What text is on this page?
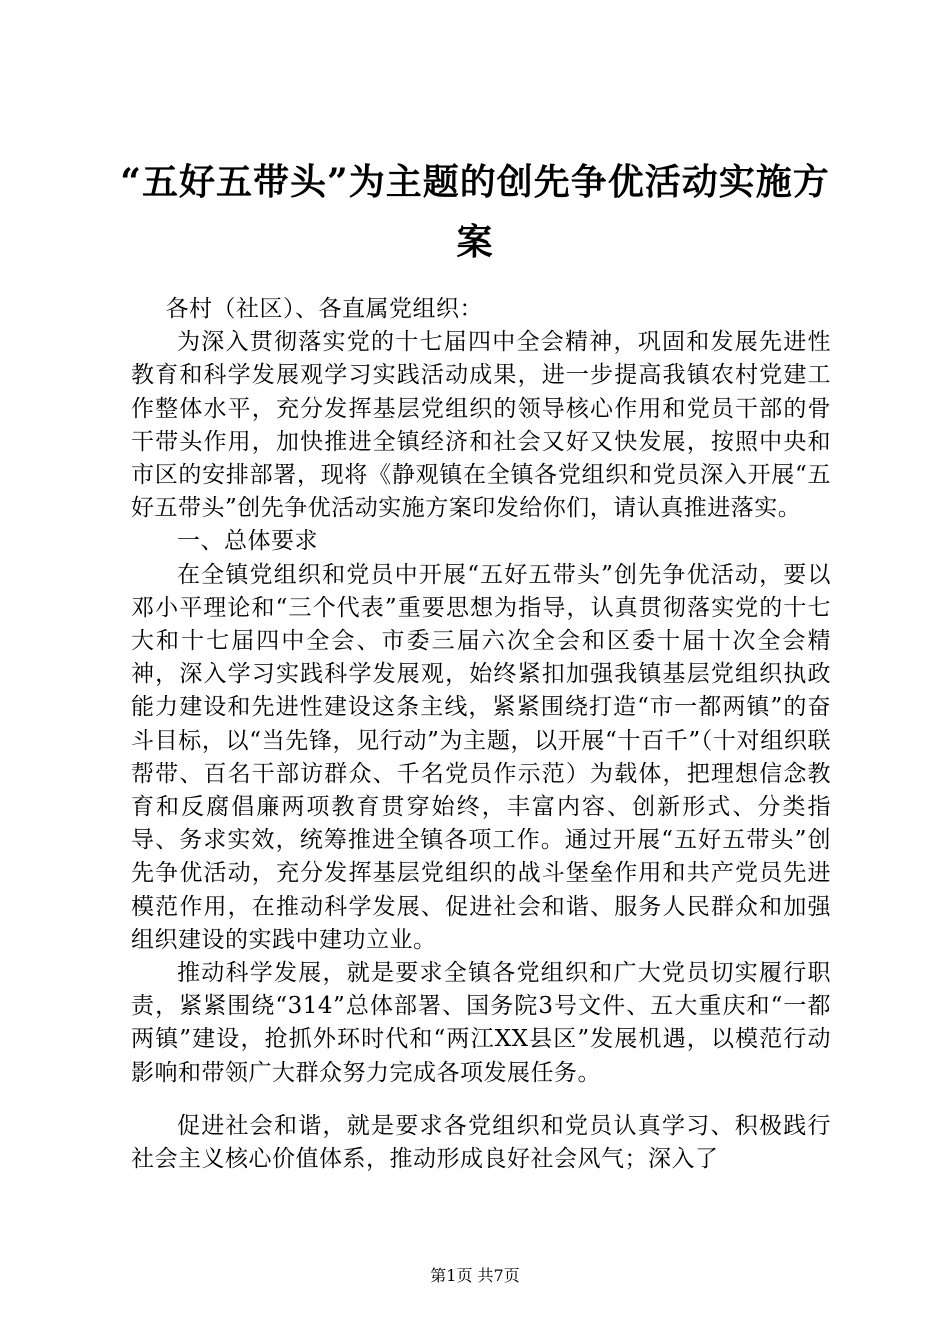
“五好五带头”为主题的创先争优活动实施方
案

各村（社区）、各直属党组织：

为深入贯彻落实党的十七届四中全会精神，巩固和发展先进性教育和科学发展观学习实践活动成果，进一步提高我镇农村党建工作整体水平，充分发挥基层党组织的领导核心作用和党员干部的骨干带头作用，加快推进全镇经济和社会又好又快发展，按照中央和市区的安排部署，现将《静观镇在全镇各党组织和党员深入开展“五好五带头”创先争优活动实施方案印发给你们，请认真推进落实。

一、总体要求

在全镇党组织和党员中开展“五好五带头”创先争优活动，要以邓小平理论和“三个代表”重要思想为指导，认真贯彻落实党的十七大和十七届四中全会、市委三届六次全会和区委十届十次全会精神，深入学习实践科学发展观，始终紧扣加强我镇基层党组织执政能力建设和先进性建设这条主线，紧紧围绕打造“市一都两镇”的奋斗目标，以“当先锋，见行动”为主题，以开展“十百千”（十对组织联帮带、百名干部访群众、千名党员作示范）为载体，把理想信念教育和反腐倡廉两项教育贯穿始终，丰富内容、创新形式、分类指导、务求实效，统筹推进全镇各项工作。通过开展“五好五带头”创先争优活动，充分发挥基层党组织的战斗堡垒作用和共产党员先进模范作用，在推动科学发展、促进社会和谐、服务人民群众和加强组织建设的实践中建功立业。

推动科学发展，就是要求全镇各党组织和广大党员切实履行职责，紧紧围绕“314”总体部署、国务院3号文件、五大重庆和“一都两镇”建设，抢抓外环时代和“两江XX县区”发展机遇，以模范行动影响和带领广大群众努力完成各项发展任务。

促进社会和谐，就是要求各党组织和党员认真学习、积极践行社会主义核心价值体系，推动形成良好社会风气；深入了

第1页 共7页
